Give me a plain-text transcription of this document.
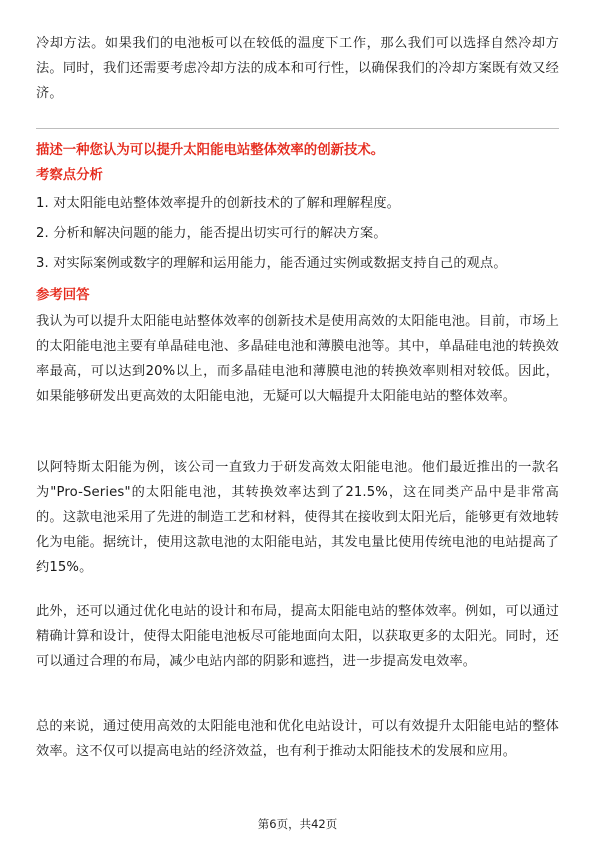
冷却方法。如果我们的电池板可以在较低的温度下工作，那么我们可以选择自然冷却方法。同时，我们还需要考虑冷却方法的成本和可行性，以确保我们的冷却方案既有效又经济。

描述一种您认为可以提升太阳能电站整体效率的创新技术。
考察点分析
1. 对太阳能电站整体效率提升的创新技术的了解和理解程度。
2. 分析和解决问题的能力，能否提出切实可行的解决方案。
3. 对实际案例或数字的理解和运用能力，能否通过实例或数据支持自己的观点。
参考回答

我认为可以提升太阳能电站整体效率的创新技术是使用高效的太阳能电池。目前，市场上的太阳能电池主要有单晶硅电池、多晶硅电池和薄膜电池等。其中，单晶硅电池的转换效率最高，可以达到20%以上，而多晶硅电池和薄膜电池的转换效率则相对较低。因此，如果能够研发出更高效的太阳能电池，无疑可以大幅提升太阳能电站的整体效率。

以阿特斯太阳能为例，该公司一直致力于研发高效太阳能电池。他们最近推出的一款名为"Pro-Series"的太阳能电池，其转换效率达到了21.5%，这在同类产品中是非常高的。这款电池采用了先进的制造工艺和材料，使得其在接收到太阳光后，能够更有效地转化为电能。据统计，使用这款电池的太阳能电站，其发电量比使用传统电池的电站提高了约15%。

此外，还可以通过优化电站的设计和布局，提高太阳能电站的整体效率。例如，可以通过精确计算和设计，使得太阳能电池板尽可能地面向太阳，以获取更多的太阳光。同时，还可以通过合理的布局，减少电站内部的阴影和遮挡，进一步提高发电效率。

总的来说，通过使用高效的太阳能电池和优化电站设计，可以有效提升太阳能电站的整体效率。这不仅可以提高电站的经济效益，也有利于推动太阳能技术的发展和应用。

第6页，共42页
